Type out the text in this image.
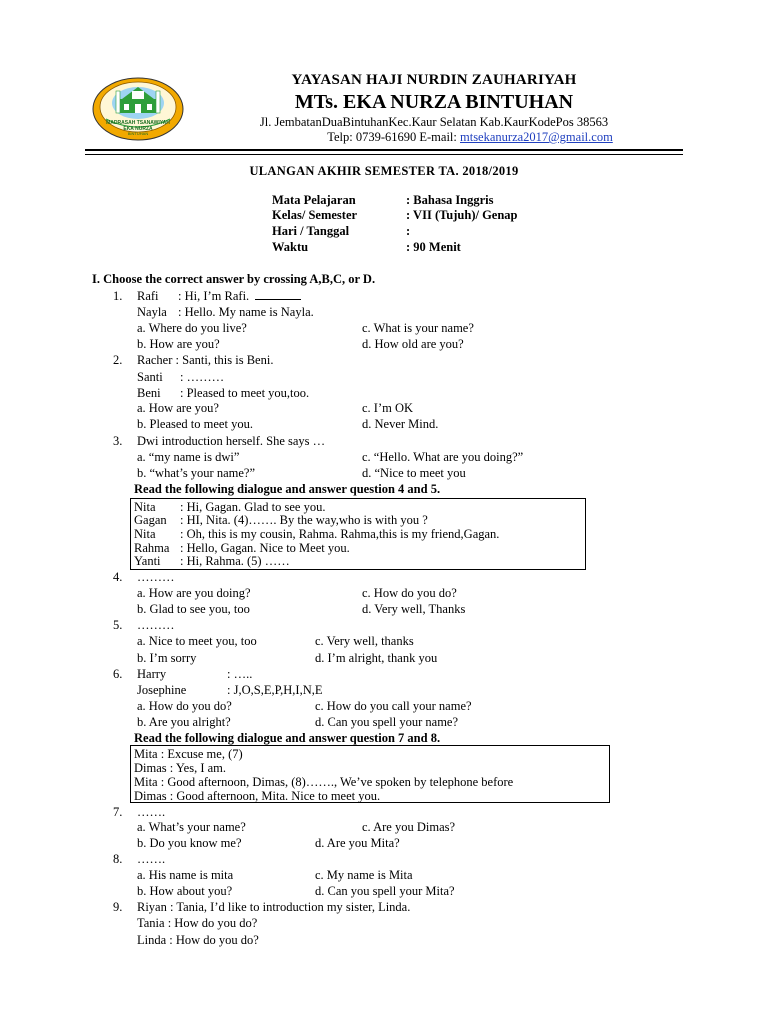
MADRASAH TSANAWIYAH
EKA NURZA
BINTUHAN
YAYASAN HAJI NURDIN ZAUHARIYAH
MTs. EKA NURZA BINTUHAN
Jl. JembatanDuaBintuhanKec.Kaur Selatan Kab.KaurKodePos 38563
Telp: 0739-61690 E-mail: mtsekanurza2017@gmail.com
ULANGAN AKHIR SEMESTER TA. 2018/2019
Mata Pelajaran	: Bahasa Inggris
Kelas/ Semester	: VII (Tujuh)/ Genap
Hari / Tanggal	:
Waktu	: 90 Menit
I. Choose the correct answer by crossing A,B,C, or D.
1. Rafi : Hi, I’m Rafi.
Nayla : Hello. My name is Nayla.
a. Where do you live?	c. What is your name?
b. How are you?	d. How old are you?
2. Racher : Santi, this is Beni.
Santi : ………
Beni : Pleased to meet you,too.
a. How are you?	c. I’m OK
b. Pleased to meet you.	d. Never Mind.
3. Dwi introduction herself. She says …
a. “my name is dwi”	c. “Hello. What are you doing?”
b. “what’s your name?”	d. “Nice to meet you
Read the following dialogue and answer question 4 and 5.
Nita : Hi, Gagan. Glad to see you.
Gagan : HI, Nita. (4)……. By the way,who is with you ?
Nita : Oh, this is my cousin, Rahma. Rahma,this is my friend,Gagan.
Rahma : Hello, Gagan. Nice to Meet you.
Yanti : Hi, Rahma. (5) ……
4. ………
a. How are you doing?	c. How do you do?
b. Glad to see you, too	d. Very well, Thanks
5. ………
a. Nice to meet you, too	c. Very well, thanks
b. I’m sorry	d. I’m alright, thank you
6. Harry	: …..
Josephine	: J,O,S,E,P,H,I,N,E
a. How do you do?	c. How do you call your name?
b. Are you alright?	d. Can you spell your name?
Read the following dialogue and answer question 7 and 8.
Mita : Excuse me, (7)
Dimas : Yes, I am.
Mita : Good afternoon, Dimas, (8)……., We’ve spoken by telephone before
Dimas : Good afternoon, Mita. Nice to meet you.
7. …….
a. What’s your name?	c. Are you Dimas?
b. Do you know me?	d. Are you Mita?
8. …….
a. His name is mita	c. My name is Mita
b. How about you?	d. Can you spell your Mita?
9. Riyan : Tania, I’d like to introduction my sister, Linda.
Tania : How do you do?
Linda : How do you do?
